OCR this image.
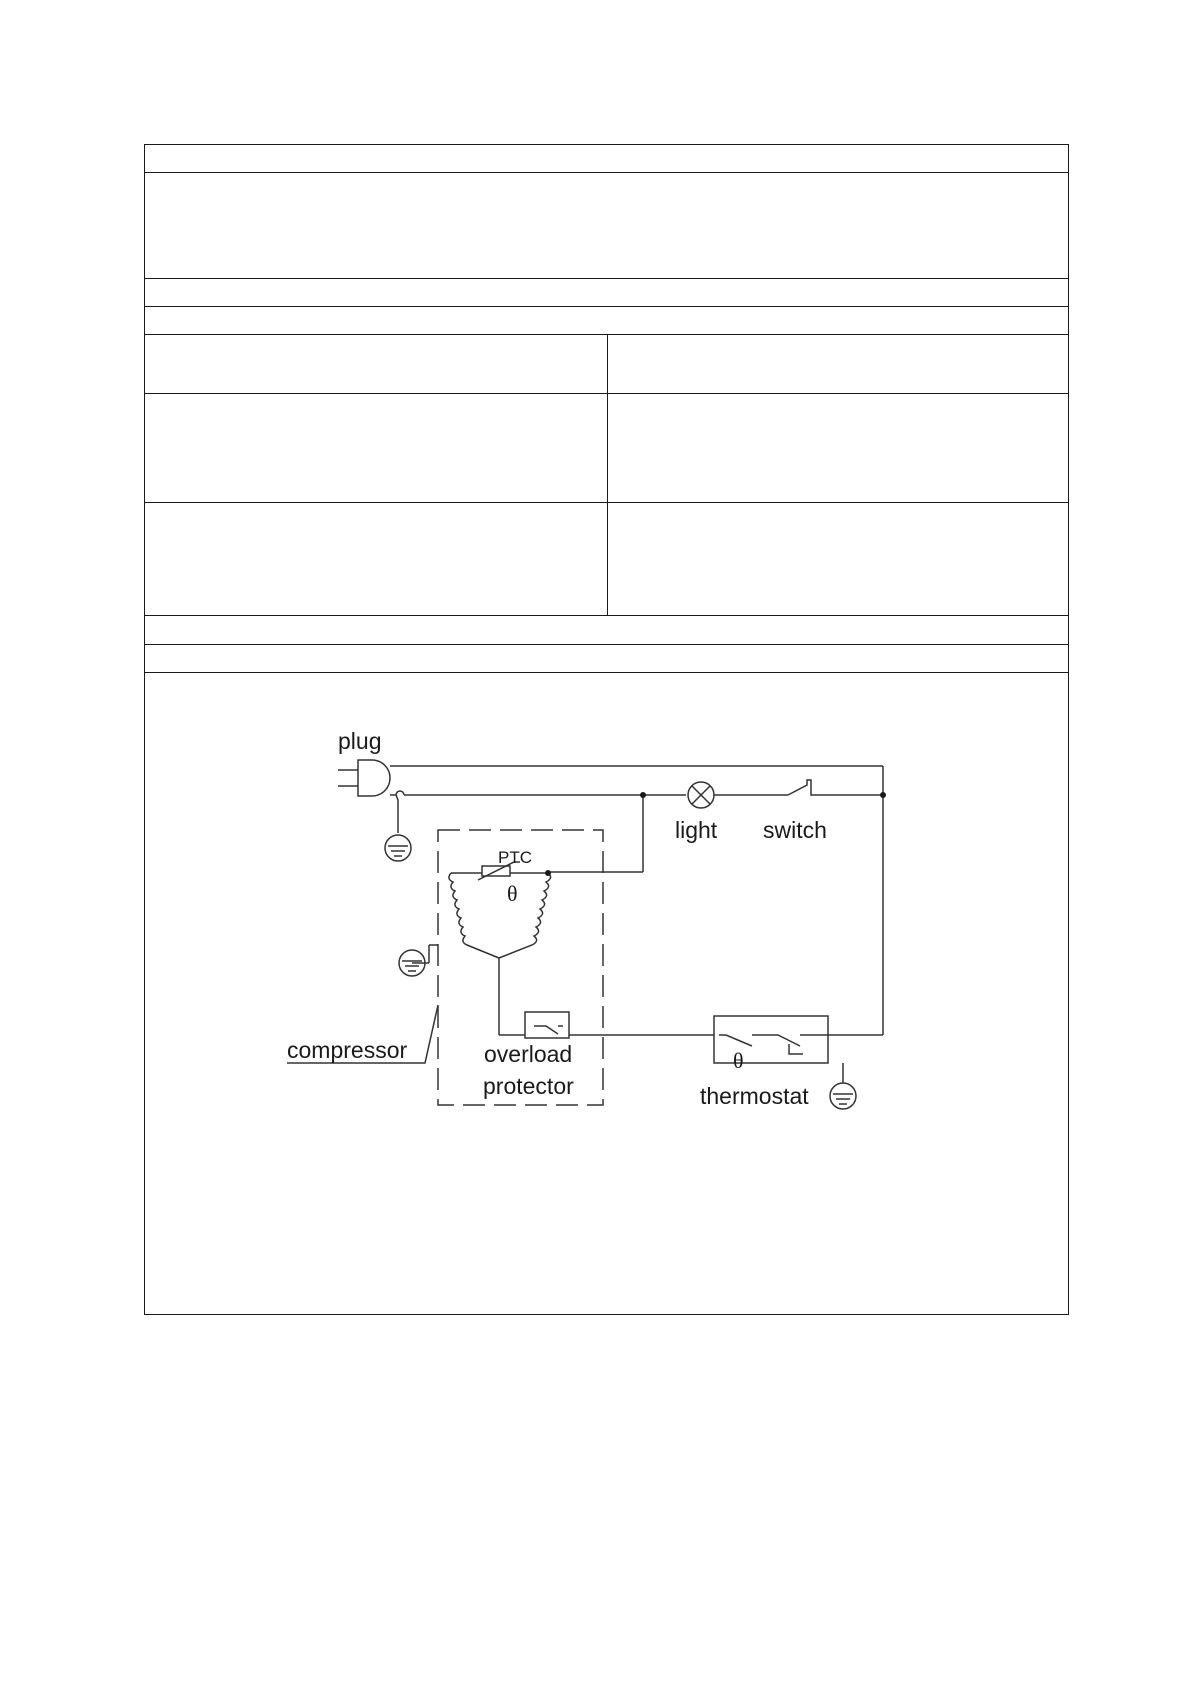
plug
light switch
PTC
θ
compressor	overload
protector
θ
thermostat
